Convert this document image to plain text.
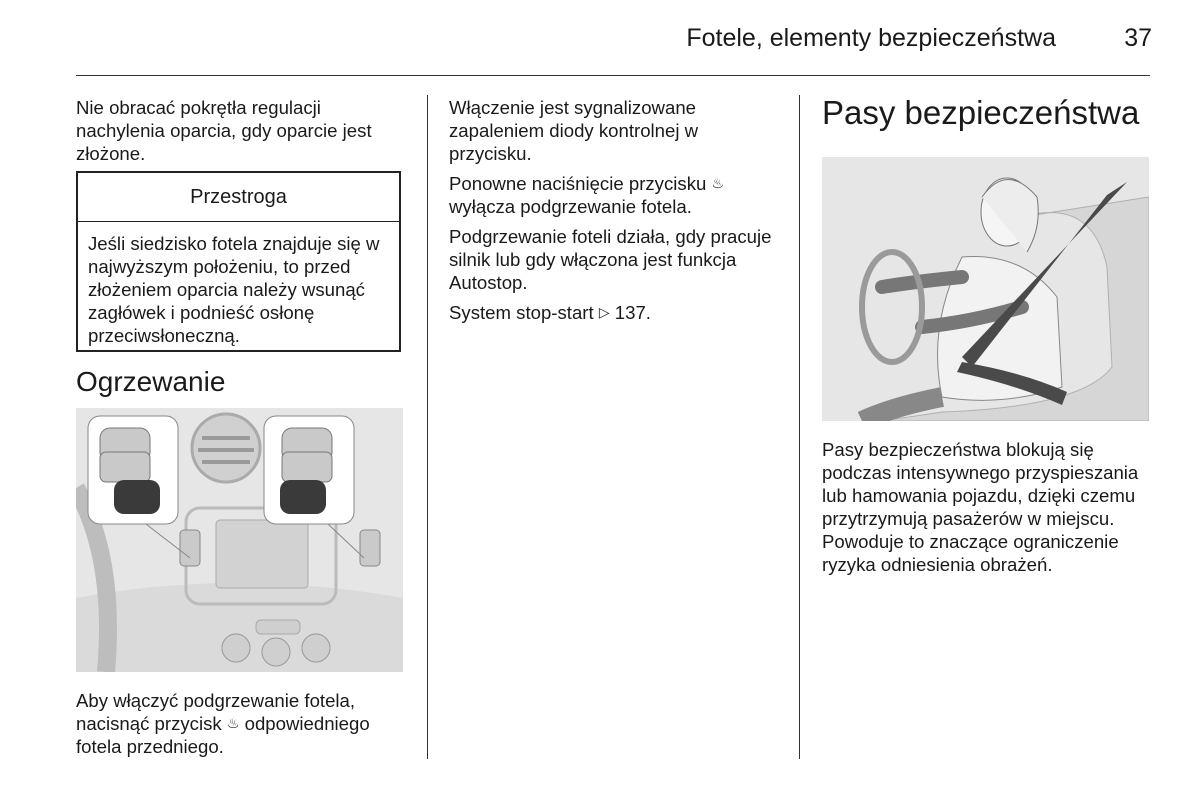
Fotele, elementy bezpieczeństwa	37

Nie obracać pokrętła regulacji nachylenia oparcia, gdy oparcie jest złożone.

Przestroga
Jeśli siedzisko fotela znajduje się w najwyższym położeniu, to przed złożeniem oparcia należy wsunąć zagłówek i podnieść osłonę przeciwsłoneczną.
Ogrzewanie

Aby włączyć podgrzewanie fotela, nacisnąć przycisk ♨ odpowiedniego fotela przedniego.

Włączenie jest sygnalizowane zapaleniem diody kontrolnej w przycisku.

Ponowne naciśnięcie przycisku ♨ wyłącza podgrzewanie fotela.

Podgrzewanie foteli działa, gdy pracuje silnik lub gdy włączona jest funkcja Autostop.

System stop-start ▷ 137.

Pasy bezpieczeństwa

Pasy bezpieczeństwa blokują się podczas intensywnego przyspieszania lub hamowania pojazdu, dzięki czemu przytrzymują pasażerów w miejscu. Powoduje to znaczące ograniczenie ryzyka odniesienia obrażeń.
